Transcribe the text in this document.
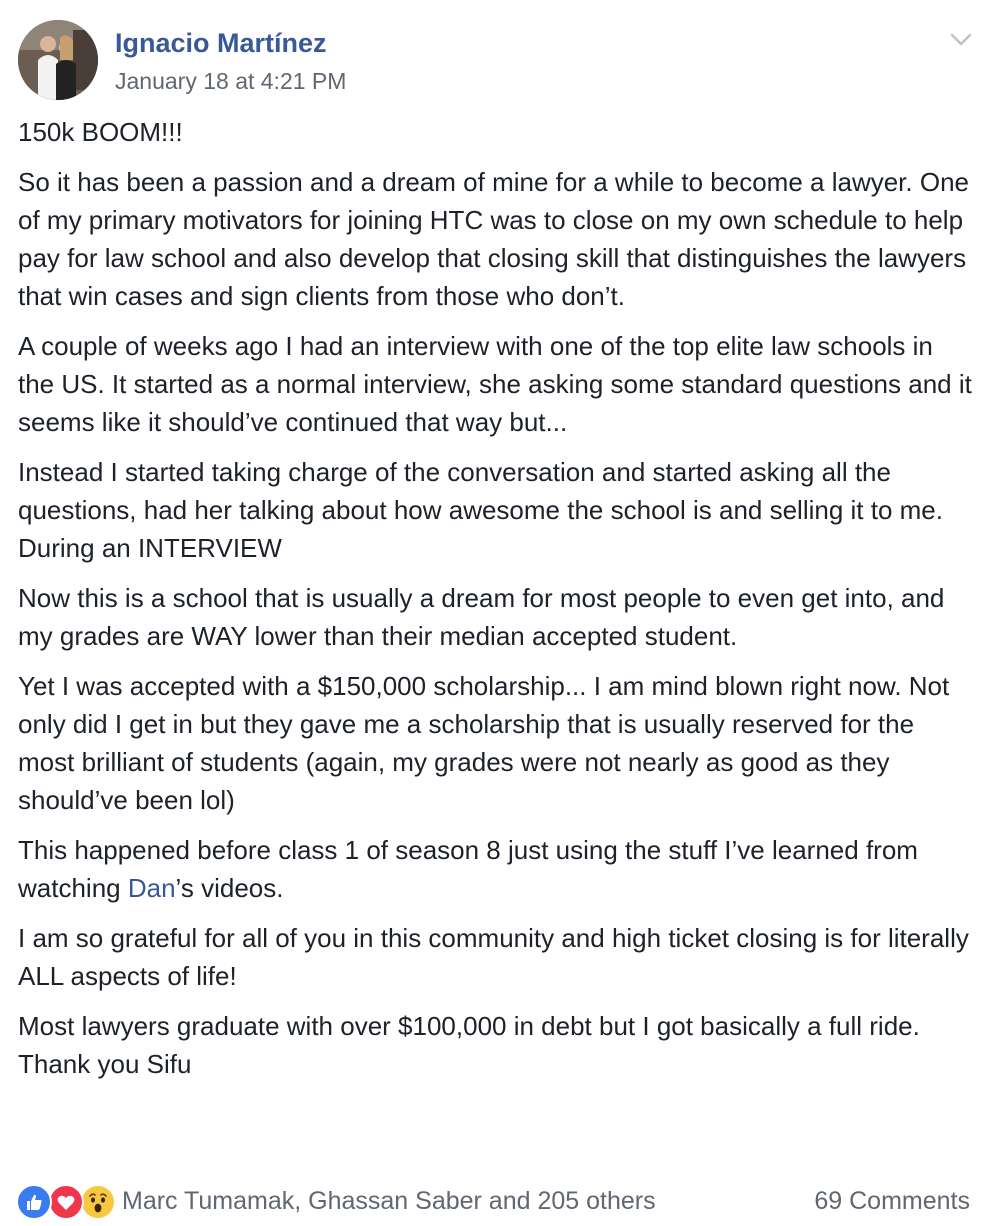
Ignacio Martínez
January 18 at 4:21 PM

150k BOOM!!!

So it has been a passion and a dream of mine for a while to become a lawyer. One of my primary motivators for joining HTC was to close on my own schedule to help pay for law school and also develop that closing skill that distinguishes the lawyers that win cases and sign clients from those who don’t.

A couple of weeks ago I had an interview with one of the top elite law schools in the US. It started as a normal interview, she asking some standard questions and it seems like it should’ve continued that way but...

Instead I started taking charge of the conversation and started asking all the questions, had her talking about how awesome the school is and selling it to me. During an INTERVIEW

Now this is a school that is usually a dream for most people to even get into, and my grades are WAY lower than their median accepted student.

Yet I was accepted with a $150,000 scholarship... I am mind blown right now. Not only did I get in but they gave me a scholarship that is usually reserved for the most brilliant of students (again, my grades were not nearly as good as they should’ve been lol)

This happened before class 1 of season 8 just using the stuff I’ve learned from watching Dan’s videos.

I am so grateful for all of you in this community and high ticket closing is for literally ALL aspects of life!

Most lawyers graduate with over $100,000 in debt but I got basically a full ride. Thank you Sifu

Marc Tumamak, Ghassan Saber and 205 others	69 Comments
